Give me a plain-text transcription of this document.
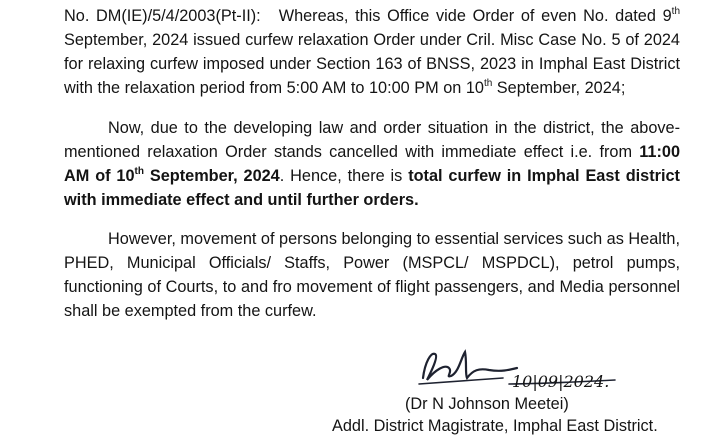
No. DM(IE)/5/4/2003(Pt-II): Whereas, this Office vide Order of even No. dated 9th September, 2024 issued curfew relaxation Order under Cril. Misc Case No. 5 of 2024 for relaxing curfew imposed under Section 163 of BNSS, 2023 in Imphal East District with the relaxation period from 5:00 AM to 10:00 PM on 10th September, 2024;

Now, due to the developing law and order situation in the district, the above-mentioned relaxation Order stands cancelled with immediate effect i.e. from 11:00 AM of 10th September, 2024. Hence, there is total curfew in Imphal East district with immediate effect and until further orders.

However, movement of persons belonging to essential services such as Health, PHED, Municipal Officials/ Staffs, Power (MSPCL/ MSPDCL), petrol pumps, functioning of Courts, to and fro movement of flight passengers, and Media personnel shall be exempted from the curfew.

10|09|2024.
(Dr N Johnson Meetei)
Addl. District Magistrate, Imphal East District.
